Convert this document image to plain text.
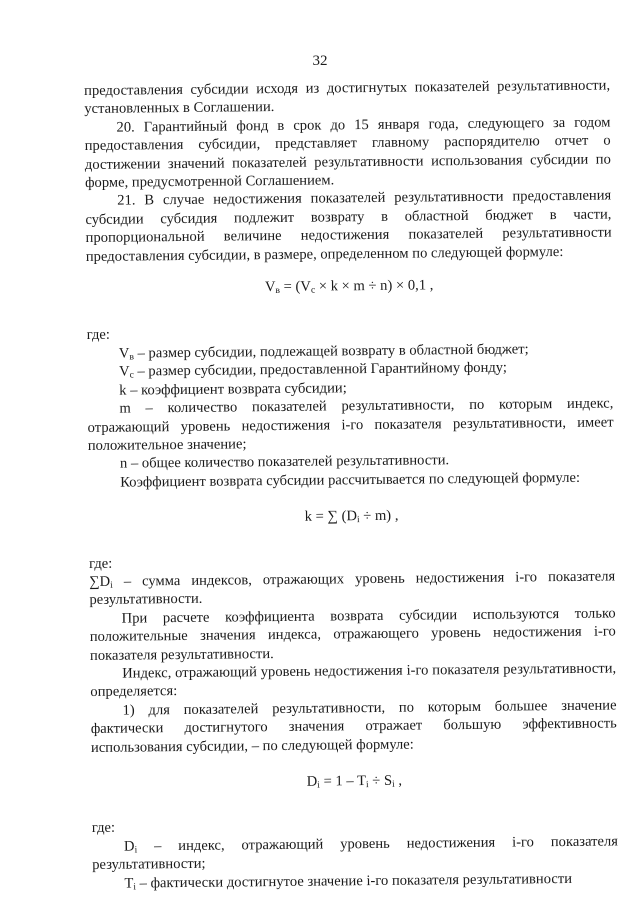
32

предоставления субсидии исходя из достигнутых показателей результативности, установленных в Соглашении.

20. Гарантийный фонд в срок до 15 января года, следующего за годом предоставления субсидии, представляет главному распорядителю отчет о достижении значений показателей результативности использования субсидии по форме, предусмотренной Соглашением.

21. В случае недостижения показателей результативности предоставления субсидии субсидия подлежит возврату в областной бюджет в части, пропорциональной величине недостижения показателей результативности предоставления субсидии, в размере, определенном по следующей формуле:

$V_в = (V_с \times k \times m \div n) \times 0,1$ ,

где:

$V_в$ – размер субсидии, подлежащей возврату в областной бюджет;

$V_с$ – размер субсидии, предоставленной Гарантийному фонду;

k – коэффициент возврата субсидии;

m – количество показателей результативности, по которым индекс, отражающий уровень недостижения i-го показателя результативности, имеет положительное значение;

n – общее количество показателей результативности.

Коэффициент возврата субсидии рассчитывается по следующей формуле:

k = ∑ $(D_i \div m)$ ,

где:

$\sum D_i$ – сумма индексов, отражающих уровень недостижения i-го показателя результативности.

При расчете коэффициента возврата субсидии используются только положительные значения индекса, отражающего уровень недостижения i-го показателя результативности.

Индекс, отражающий уровень недостижения i-го показателя результативности, определяется:

1) для показателей результативности, по которым большее значение фактически достигнутого значения отражает большую эффективность использования субсидии, – по следующей формуле:

$D_i = 1 - T_i \div S_i$ ,

где:

$D_i$ – индекс, отражающий уровень недостижения i-го показателя результативности;

$T_i$ – фактически достигнутое значение i-го показателя результативности
